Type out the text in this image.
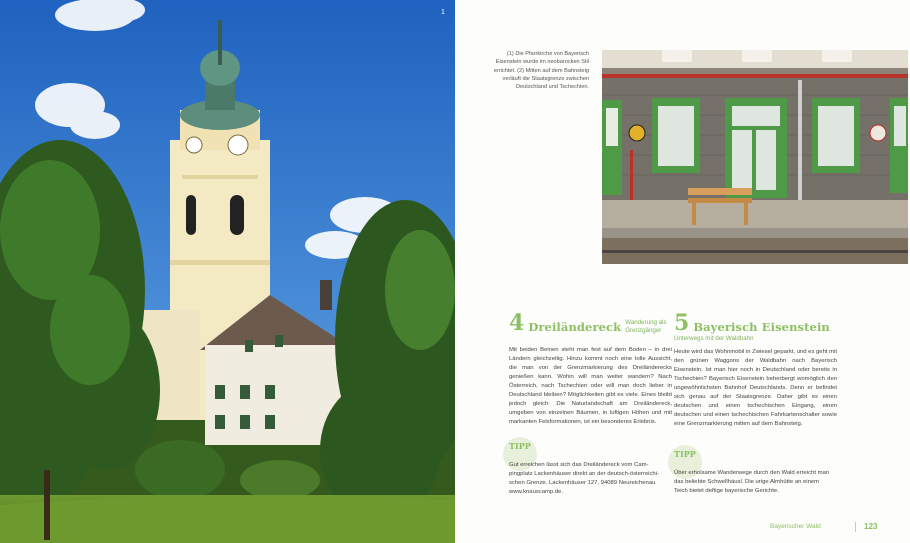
1
(1) Die Pfarrkirche von Bayerisch Eisenstein wurde im neobarocken Stil errichtet. (2) Mitten auf dem Bahnsteig verläuft die Staatsgrenze zwischen Deutschland und Tschechien.
4 Dreiländereck Wanderung als Grenzgänger
Mit beiden Beinen steht man fest auf dem Boden – in drei Ländern gleichzeitig. Hinzu kommt noch eine tolle Aussicht, die man von der Grenzmarkierung des Dreiländerecks genießen kann. Wohin will man weiter wandern? Nach Österreich, nach Tschechien oder will man doch lieber in Deutschland bleiben? Möglichkeiten gibt es viele. Eines bleibt jedoch gleich: Die Naturlandschaft am Dreiländereck, umgeben von einzelnen Bäumen, in luftigen Höhen und mit markanten Felsformationen, ist ein besonderes Erlebnis.
TIPP
Gut erreichen lässt sich das Dreiländereck vom Campingplatz Lackenhäuser direkt an der deutsch-österreichischen Grenze. Lackenhäuser 127, 94089 Neureichenau www.knauscamp.de.
5 Bayerisch Eisenstein
Unterwegs mit der Waldbahn
Heute wird das Wohnmobil in Zwiesel geparkt, und es geht mit den grünen Waggons der Waldbahn nach Bayerisch Eisenstein. Ist man hier noch in Deutschland oder bereits in Tschechien? Bayerisch Eisenstein beherbergt womöglich den ungewöhnlichsten Bahnhof Deutschlands. Denn er befindet sich genau auf der Staatsgrenze. Daher gibt es einen deutschen und einen tschechischen Eingang, einen deutschen und einen tschechischen Fahrkartenschalter sowie eine Grenzmarkierung mitten auf dem Bahnsteig.
TIPP
Über erholsame Wanderwege durch den Wald erreicht man das beliebte Schwellhäusl. Die urige Almhütte an einem Teich bietet deftige bayerische Gerichte.
Bayerischer Wald	123
